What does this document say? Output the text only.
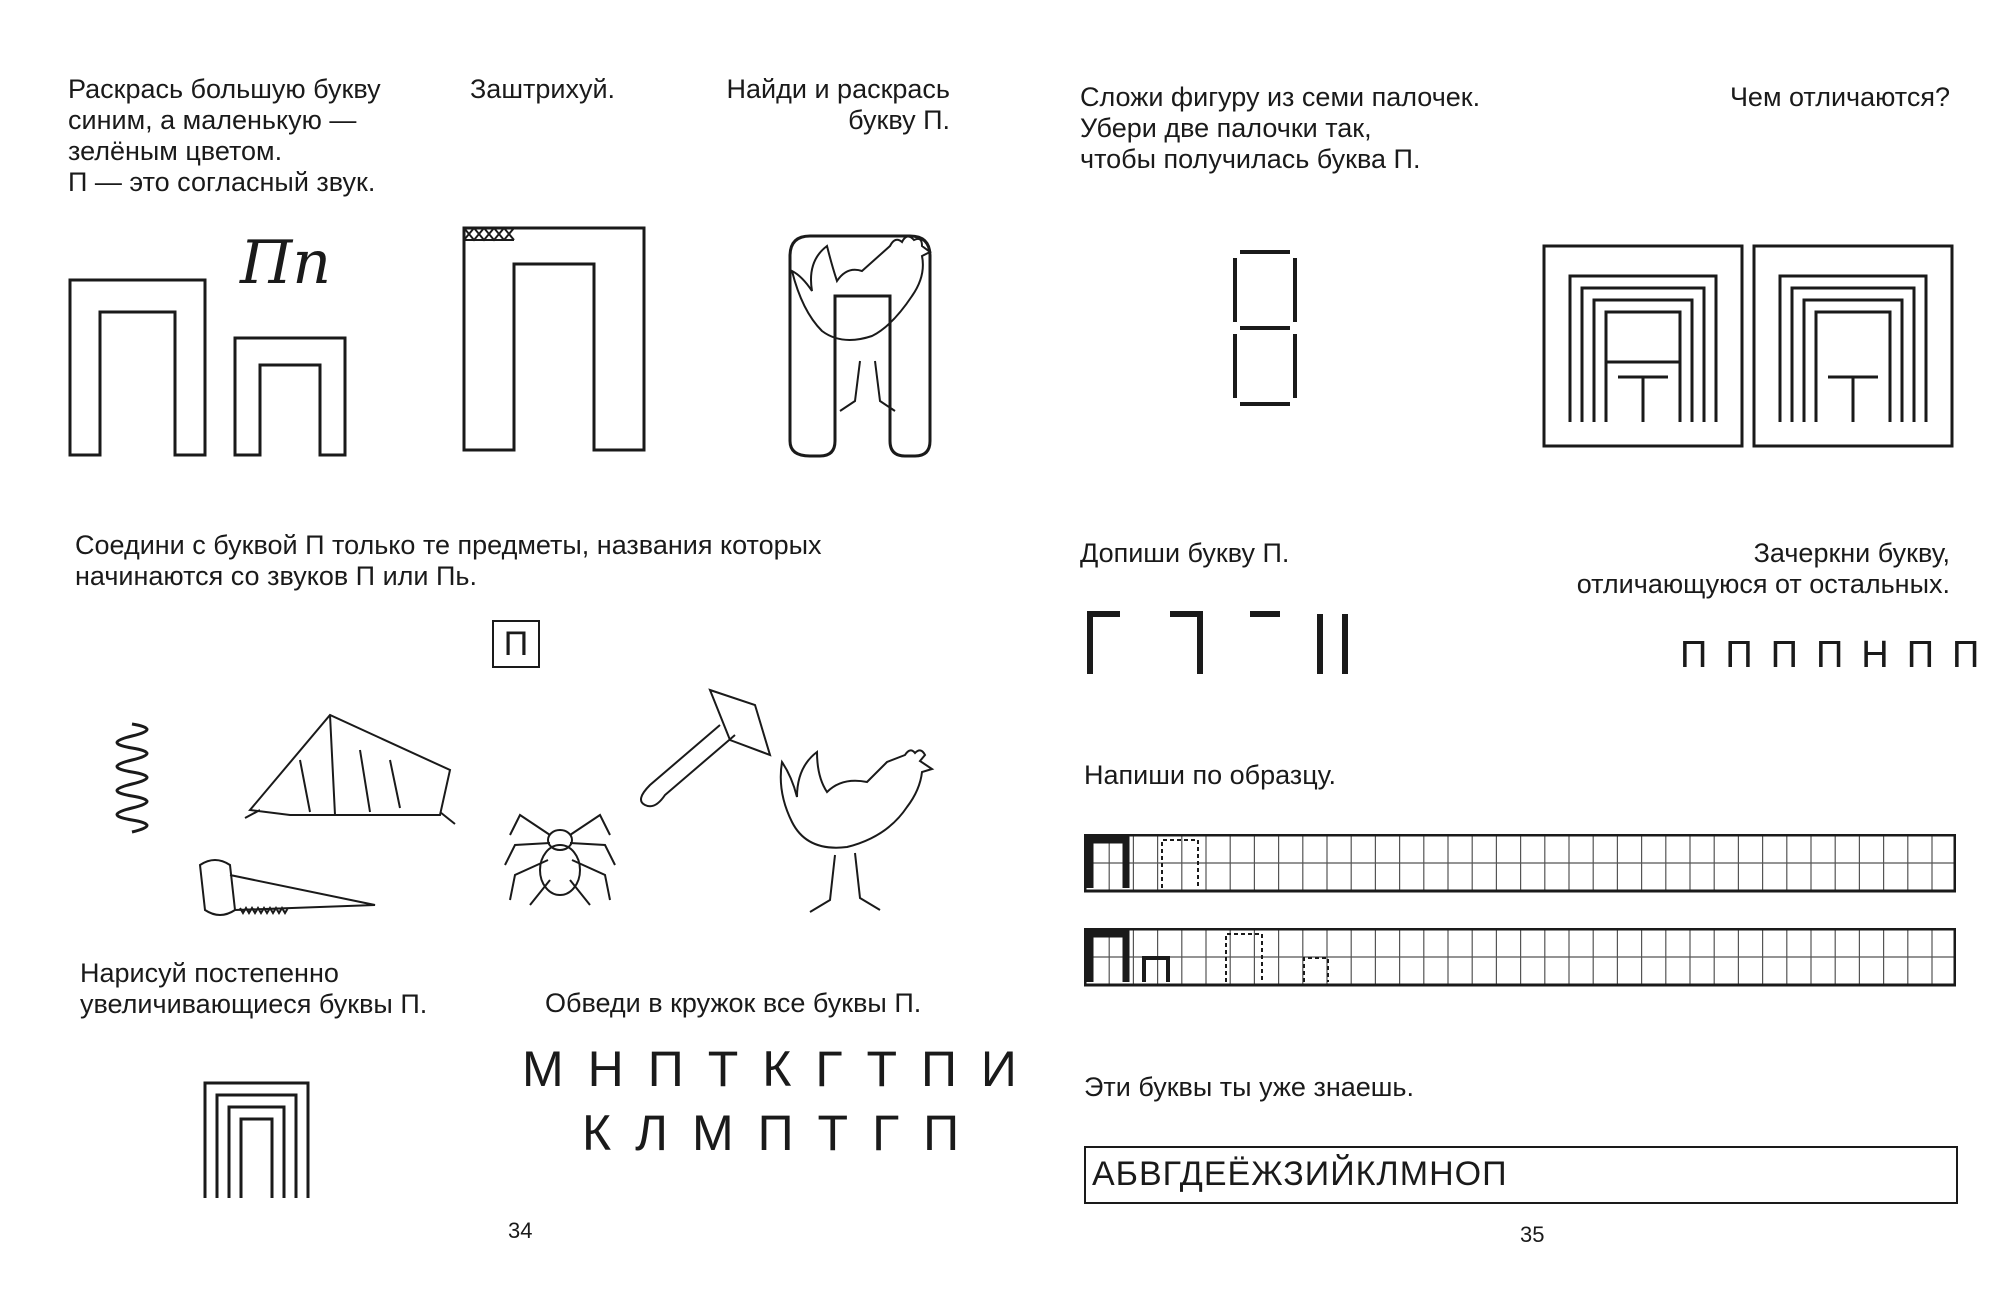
Раскрась большую букву
синим, а маленькую —
зелёным цветом.
П — это согласный звук.
Заштрихуй.	Найди и раскрась
букву П.
Пп
Соедини с буквой П только те предметы, названия которых
начинаются со звуков П или Пь.
П
Нарисуй постепенно
увеличивающиеся буквы П.	Обведи в кружок все буквы П.
МНПТКГТПИ
КЛМПТГП
34
Сложи фигуру из семи палочек.
Убери две палочки так,
чтобы получилась буква П.
Чем отличаются?
Допиши букву П.	Зачеркни букву,
отличающуюся от остальных.
ППППНПП
Напиши по образцу.
Эти буквы ты уже знаешь.
АБВГДЕЁЖЗИЙКЛМНОП
35
